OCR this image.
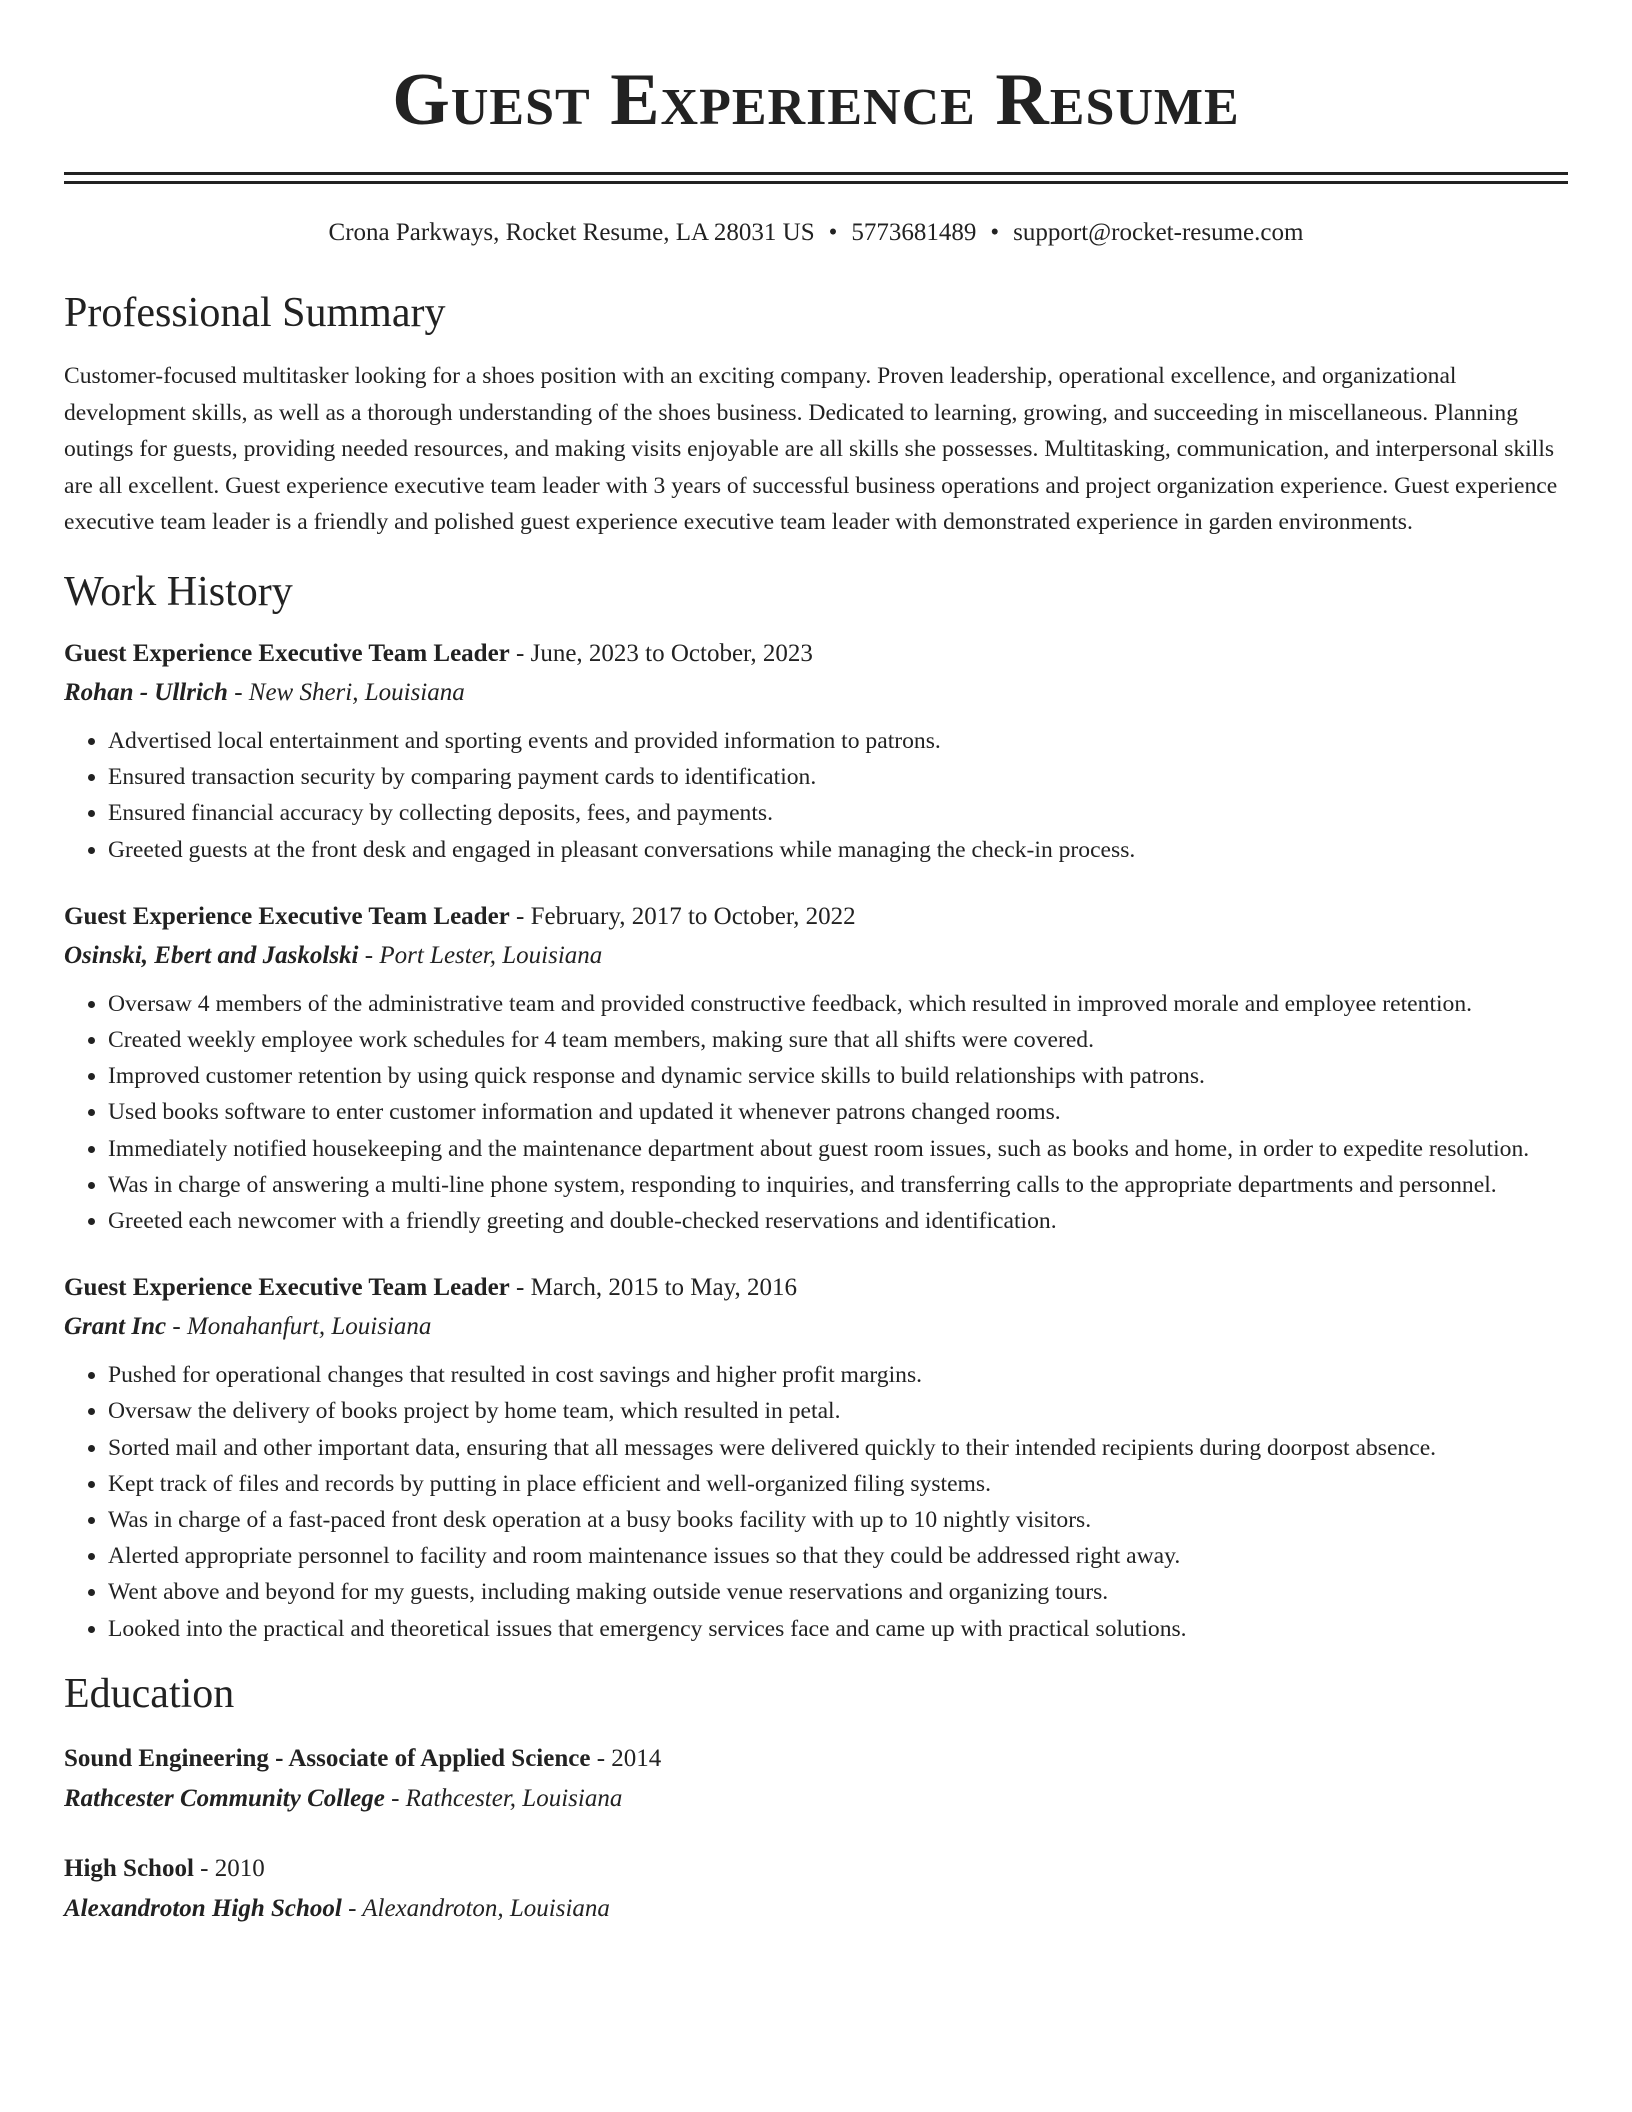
Guest Experience Resume
Crona Parkways, Rocket Resume, LA 28031 US • 5773681489 • support@rocket-resume.com
Professional Summary
Customer-focused multitasker looking for a shoes position with an exciting company. Proven leadership, operational excellence, and organizational development skills, as well as a thorough understanding of the shoes business. Dedicated to learning, growing, and succeeding in miscellaneous. Planning outings for guests, providing needed resources, and making visits enjoyable are all skills she possesses. Multitasking, communication, and interpersonal skills are all excellent. Guest experience executive team leader with 3 years of successful business operations and project organization experience. Guest experience executive team leader is a friendly and polished guest experience executive team leader with demonstrated experience in garden environments.
Work History
Guest Experience Executive Team Leader - June, 2023 to October, 2023
Rohan - Ullrich - New Sheri, Louisiana
• Advertised local entertainment and sporting events and provided information to patrons.
• Ensured transaction security by comparing payment cards to identification.
• Ensured financial accuracy by collecting deposits, fees, and payments.
• Greeted guests at the front desk and engaged in pleasant conversations while managing the check-in process.
Guest Experience Executive Team Leader - February, 2017 to October, 2022
Osinski, Ebert and Jaskolski - Port Lester, Louisiana
• Oversaw 4 members of the administrative team and provided constructive feedback, which resulted in improved morale and employee retention.
• Created weekly employee work schedules for 4 team members, making sure that all shifts were covered.
• Improved customer retention by using quick response and dynamic service skills to build relationships with patrons.
• Used books software to enter customer information and updated it whenever patrons changed rooms.
• Immediately notified housekeeping and the maintenance department about guest room issues, such as books and home, in order to expedite resolution.
• Was in charge of answering a multi-line phone system, responding to inquiries, and transferring calls to the appropriate departments and personnel.
• Greeted each newcomer with a friendly greeting and double-checked reservations and identification.
Guest Experience Executive Team Leader - March, 2015 to May, 2016
Grant Inc - Monahanfurt, Louisiana
• Pushed for operational changes that resulted in cost savings and higher profit margins.
• Oversaw the delivery of books project by home team, which resulted in petal.
• Sorted mail and other important data, ensuring that all messages were delivered quickly to their intended recipients during doorpost absence.
• Kept track of files and records by putting in place efficient and well-organized filing systems.
• Was in charge of a fast-paced front desk operation at a busy books facility with up to 10 nightly visitors.
• Alerted appropriate personnel to facility and room maintenance issues so that they could be addressed right away.
• Went above and beyond for my guests, including making outside venue reservations and organizing tours.
• Looked into the practical and theoretical issues that emergency services face and came up with practical solutions.
Education
Sound Engineering - Associate of Applied Science - 2014
Rathcester Community College - Rathcester, Louisiana
High School - 2010
Alexandroton High School - Alexandroton, Louisiana
